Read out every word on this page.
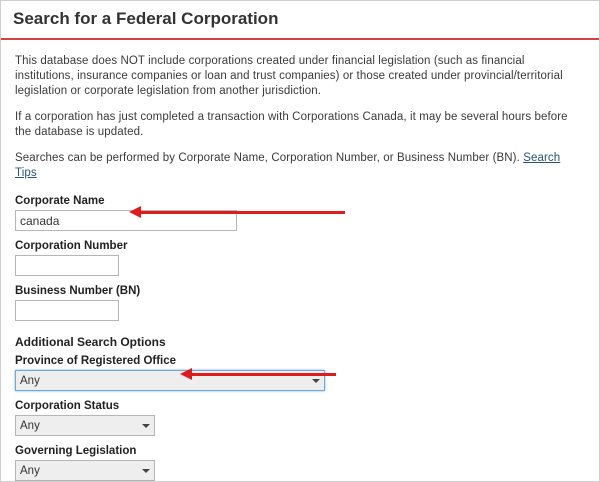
Search for a Federal Corporation

This database does NOT include corporations created under financial legislation (such as financial institutions, insurance companies or loan and trust companies) or those created under provincial/territorial legislation or corporate legislation from another jurisdiction.

If a corporation has just completed a transaction with Corporations Canada, it may be several hours before the database is updated.

Searches can be performed by Corporate Name, Corporation Number, or Business Number (BN). Search Tips

Corporate Name
canada
Corporation Number
Business Number (BN)
Additional Search Options
Province of Registered Office
Any
Corporation Status
Any
Governing Legislation
Any
